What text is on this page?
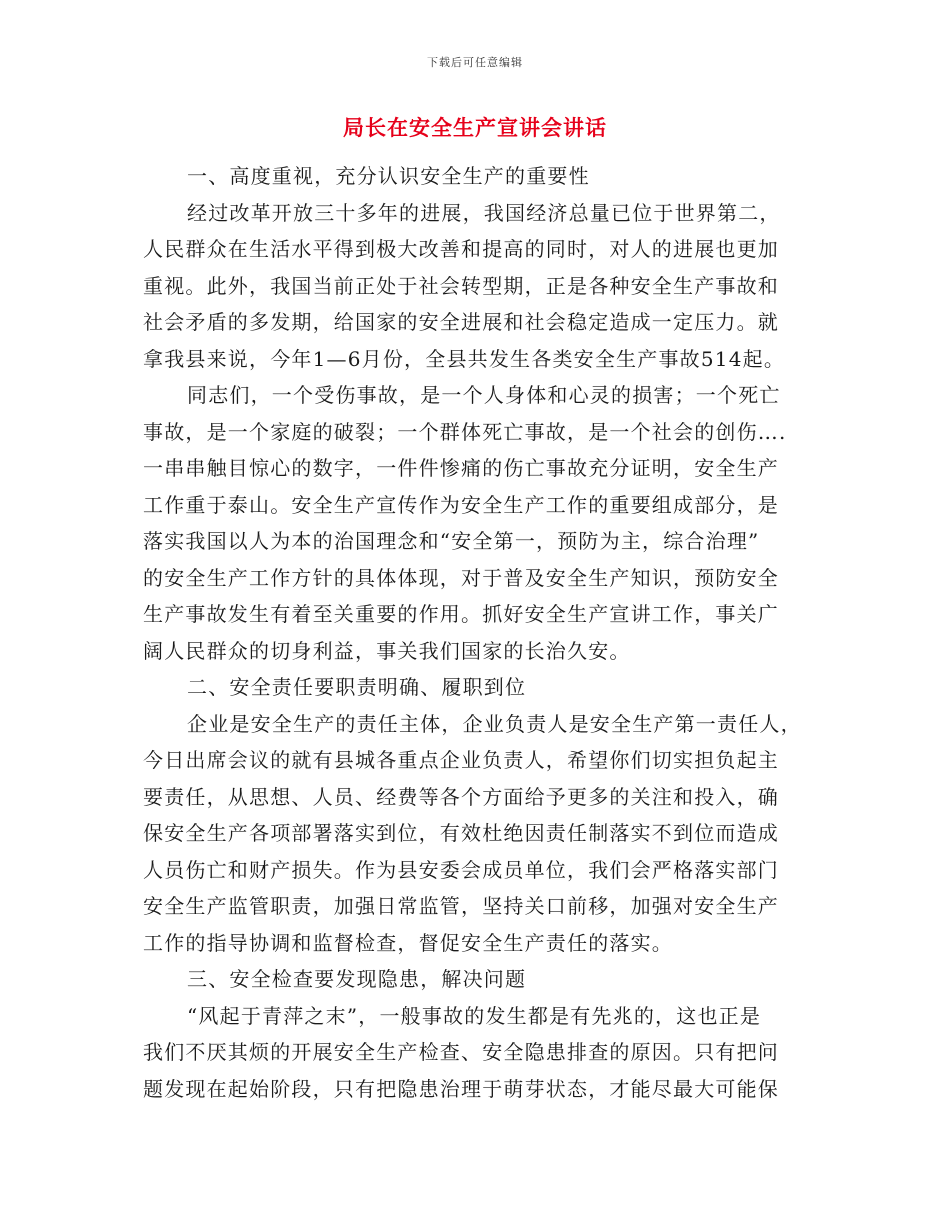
下载后可任意编辑
局长在安全生产宣讲会讲话
一、高度重视，充分认识安全生产的重要性
经过改革开放三十多年的进展，我国经济总量已位于世界第二，
人民群众在生活水平得到极大改善和提高的同时，对人的进展也更加
重视。此外，我国当前正处于社会转型期，正是各种安全生产事故和
社会矛盾的多发期，给国家的安全进展和社会稳定造成一定压力。就
拿我县来说，今年1—6月份，全县共发生各类安全生产事故514起。
同志们，一个受伤事故，是一个人身体和心灵的损害；一个死亡
事故，是一个家庭的破裂；一个群体死亡事故，是一个社会的创伤….
一串串触目惊心的数字，一件件惨痛的伤亡事故充分证明，安全生产
工作重于泰山。安全生产宣传作为安全生产工作的重要组成部分，是
落实我国以人为本的治国理念和“安全第一，预防为主，综合治理”
的安全生产工作方针的具体体现，对于普及安全生产知识，预防安全
生产事故发生有着至关重要的作用。抓好安全生产宣讲工作，事关广
阔人民群众的切身利益，事关我们国家的长治久安。
二、安全责任要职责明确、履职到位
企业是安全生产的责任主体，企业负责人是安全生产第一责任人，
今日出席会议的就有县城各重点企业负责人，希望你们切实担负起主
要责任，从思想、人员、经费等各个方面给予更多的关注和投入，确
保安全生产各项部署落实到位，有效杜绝因责任制落实不到位而造成
人员伤亡和财产损失。作为县安委会成员单位，我们会严格落实部门
安全生产监管职责，加强日常监管，坚持关口前移，加强对安全生产
工作的指导协调和监督检查，督促安全生产责任的落实。
三、安全检查要发现隐患，解决问题
“风起于青萍之末”，一般事故的发生都是有先兆的，这也正是
我们不厌其烦的开展安全生产检查、安全隐患排查的原因。只有把问
题发现在起始阶段，只有把隐患治理于萌芽状态，才能尽最大可能保
